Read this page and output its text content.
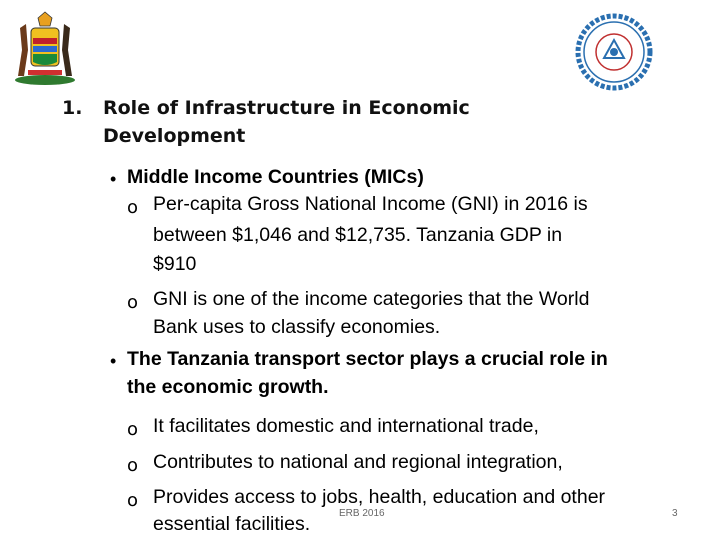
1. Role of Infrastructure in Economic Development
• Middle Income Countries (MICs)
o Per-capita Gross National Income (GNI) in 2016 is
between $1,046 and $12,735. Tanzania GDP in
$910
o GNI is one of the income categories that the World
Bank uses to classify economies.
• The Tanzania transport sector plays a crucial role in
the economic growth.
o It facilitates domestic and international trade,
o Contributes to national and regional integration,
o Provides access to jobs, health, education and other
essential facilities.	ERB 2016	3
